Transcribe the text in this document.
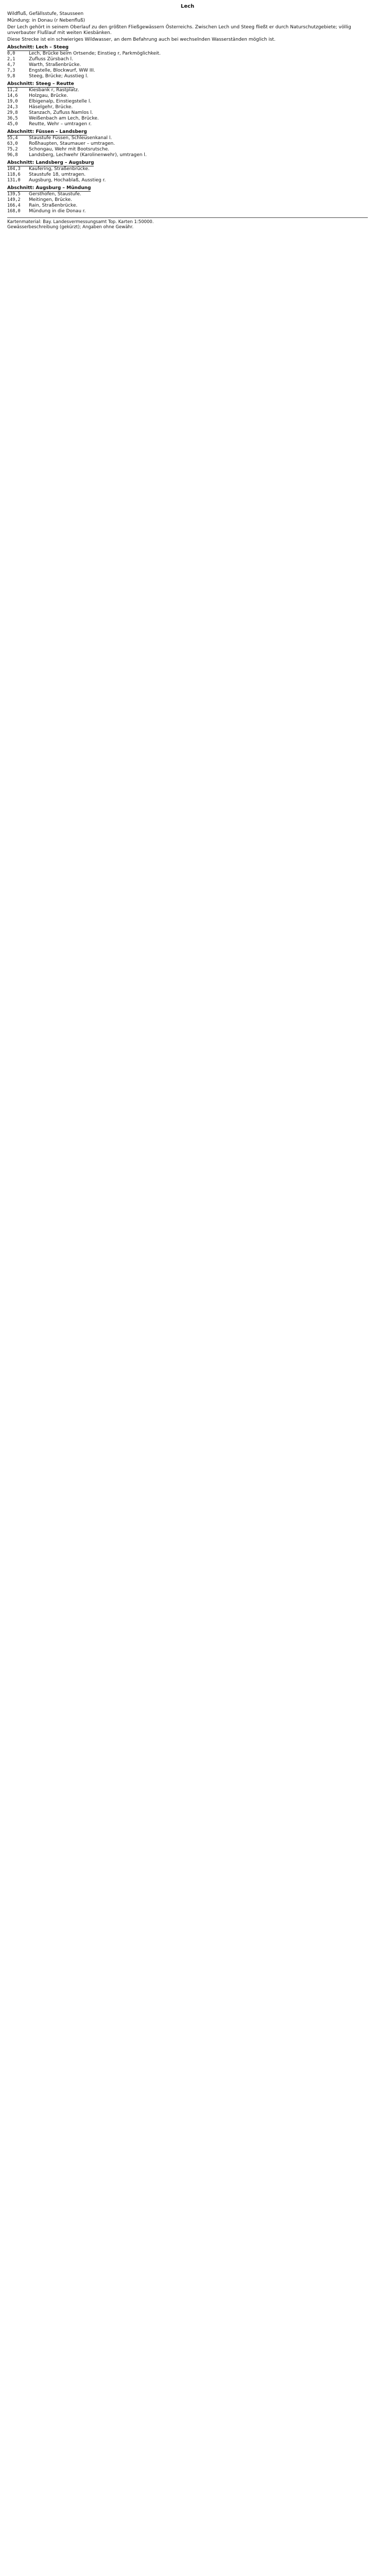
Lech

Wildfluß, Gefällsstufe, Stausseen

Mündung: in Donau (r Nebenfluß)

Der Lech gehört in seinem Oberlauf zu den größten Fließgewässern Österreichs. Zwischen Lech und Steeg fließt er durch Naturschutzgebiete; völlig unverbauter Flußlauf mit weiten Kiesbänken.

Diese Strecke ist ein schwieriges Wildwasser, an dem Befahrung auch bei wechselnden Wasserständen möglich ist.

Abschnitt: Lech – Steeg
0,0	Lech, Brücke beim Ortsende; Einstieg r, Parkmöglichkeit.
2,1	Zufluss Zürsbach l.
4,7	Warth, Straßenbrücke.
7,3	Engstelle, Blockwurf, WW III.
9,8	Steeg, Brücke; Ausstieg l.
Abschnitt: Steeg – Reutte
11,2	Kiesbank r, Rastplatz.
14,6	Holzgau, Brücke.
19,0	Elbigenalp, Einstiegstelle l.
24,3	Häselgehr, Brücke.
29,8	Stanzach, Zufluss Namlos l.
36,5	Weißenbach am Lech, Brücke.
45,0	Reutte, Wehr – umtragen r.
Abschnitt: Füssen – Landsberg
55,4	Staustufe Füssen, Schleusenkanal l.
63,0	Roßhaupten, Staumauer – umtragen.
75,2	Schongau, Wehr mit Bootsrutsche.
96,8	Landsberg, Lechwehr (Karolinenwehr), umtragen l.
Abschnitt: Landsberg – Augsburg
104,3	Kaufering, Straßenbrücke.
118,6	Staustufe 18, umtragen.
131,0	Augsburg, Hochablaß, Ausstieg r.
Abschnitt: Augsburg – Mündung
139,5	Gersthofen, Staustufe.
149,2	Meitingen, Brücke.
166,4	Rain, Straßenbrücke.
168,0	Mündung in die Donau r.
Kartenmaterial: Bay. Landesvermessungsamt Top. Karten 1:50000.
Gewässerbeschreibung (gekürzt); Angaben ohne Gewähr.
